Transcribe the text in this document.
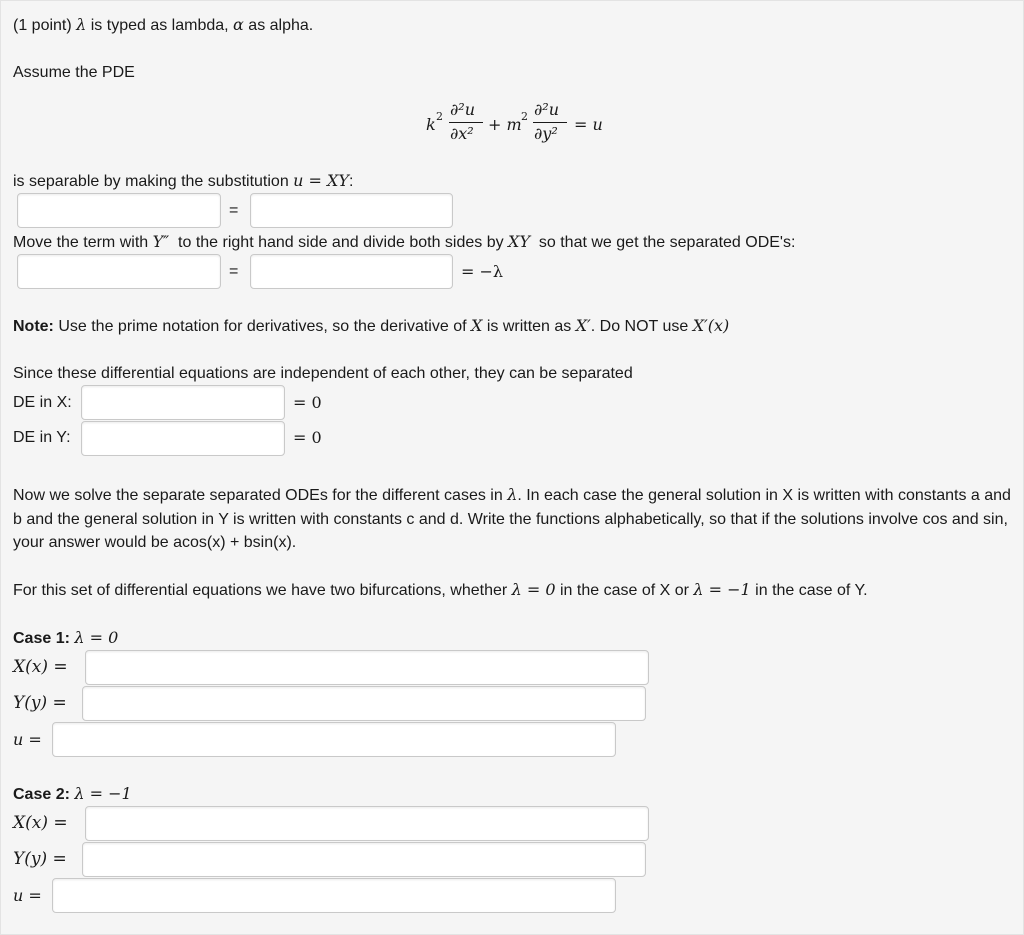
(1 point) λ is typed as lambda, α as alpha.
Assume the PDE
k 2 ∂²u
∂x² + m 2 ∂²u
∂y² = u
is separable by making the substitution u = XY:
=
Move the term with Y″  to the right hand side and divide both sides by XY  so that we get the separated ODE's:
=	= −λ
Note: Use the prime notation for derivatives, so the derivative of X is written as X′. Do NOT use X′(x)
Since these differential equations are independent of each other, they can be separated
DE in X:	= 0
DE in Y:	= 0
Now we solve the separate separated ODEs for the different cases in λ. In each case the general solution in X is written with constants a and b and the general solution in Y is written with constants c and d. Write the functions alphabetically, so that if the solutions involve cos and sin, your answer would be acos(x) + bsin(x).
For this set of differential equations we have two bifurcations, whether λ = 0 in the case of X or λ = −1 in the case of Y.
Case 1: λ = 0
X(x) =
Y(y) =
u =
Case 2: λ = −1
X(x) =
Y(y) =
u =
